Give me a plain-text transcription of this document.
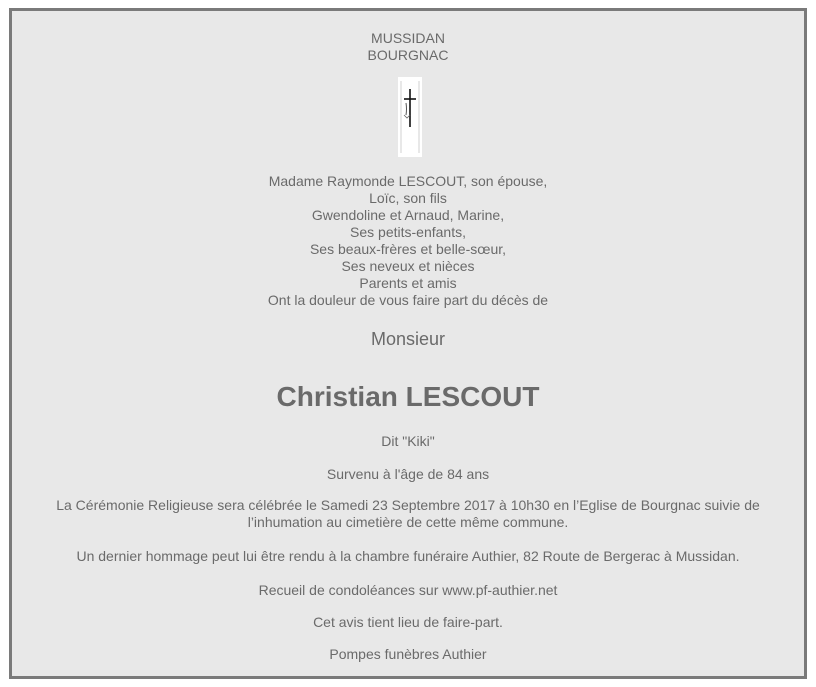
MUSSIDAN
BOURGNAC
Madame Raymonde LESCOUT, son épouse,
Loïc, son fils
Gwendoline et Arnaud, Marine,
Ses petits-enfants,
Ses beaux-frères et belle-sœur,
Ses neveux et nièces
Parents et amis
Ont la douleur de vous faire part du décès de
Monsieur
Christian LESCOUT
Dit "Kiki"
Survenu à l'âge de 84 ans
La Cérémonie Religieuse sera célébrée le Samedi 23 Septembre 2017 à 10h30 en l’Eglise de Bourgnac suivie de l’inhumation au cimetière de cette même commune.
Un dernier hommage peut lui être rendu à la chambre funéraire Authier, 82 Route de Bergerac à Mussidan.
Recueil de condoléances sur www.pf-authier.net
Cet avis tient lieu de faire-part.
Pompes funèbres Authier
